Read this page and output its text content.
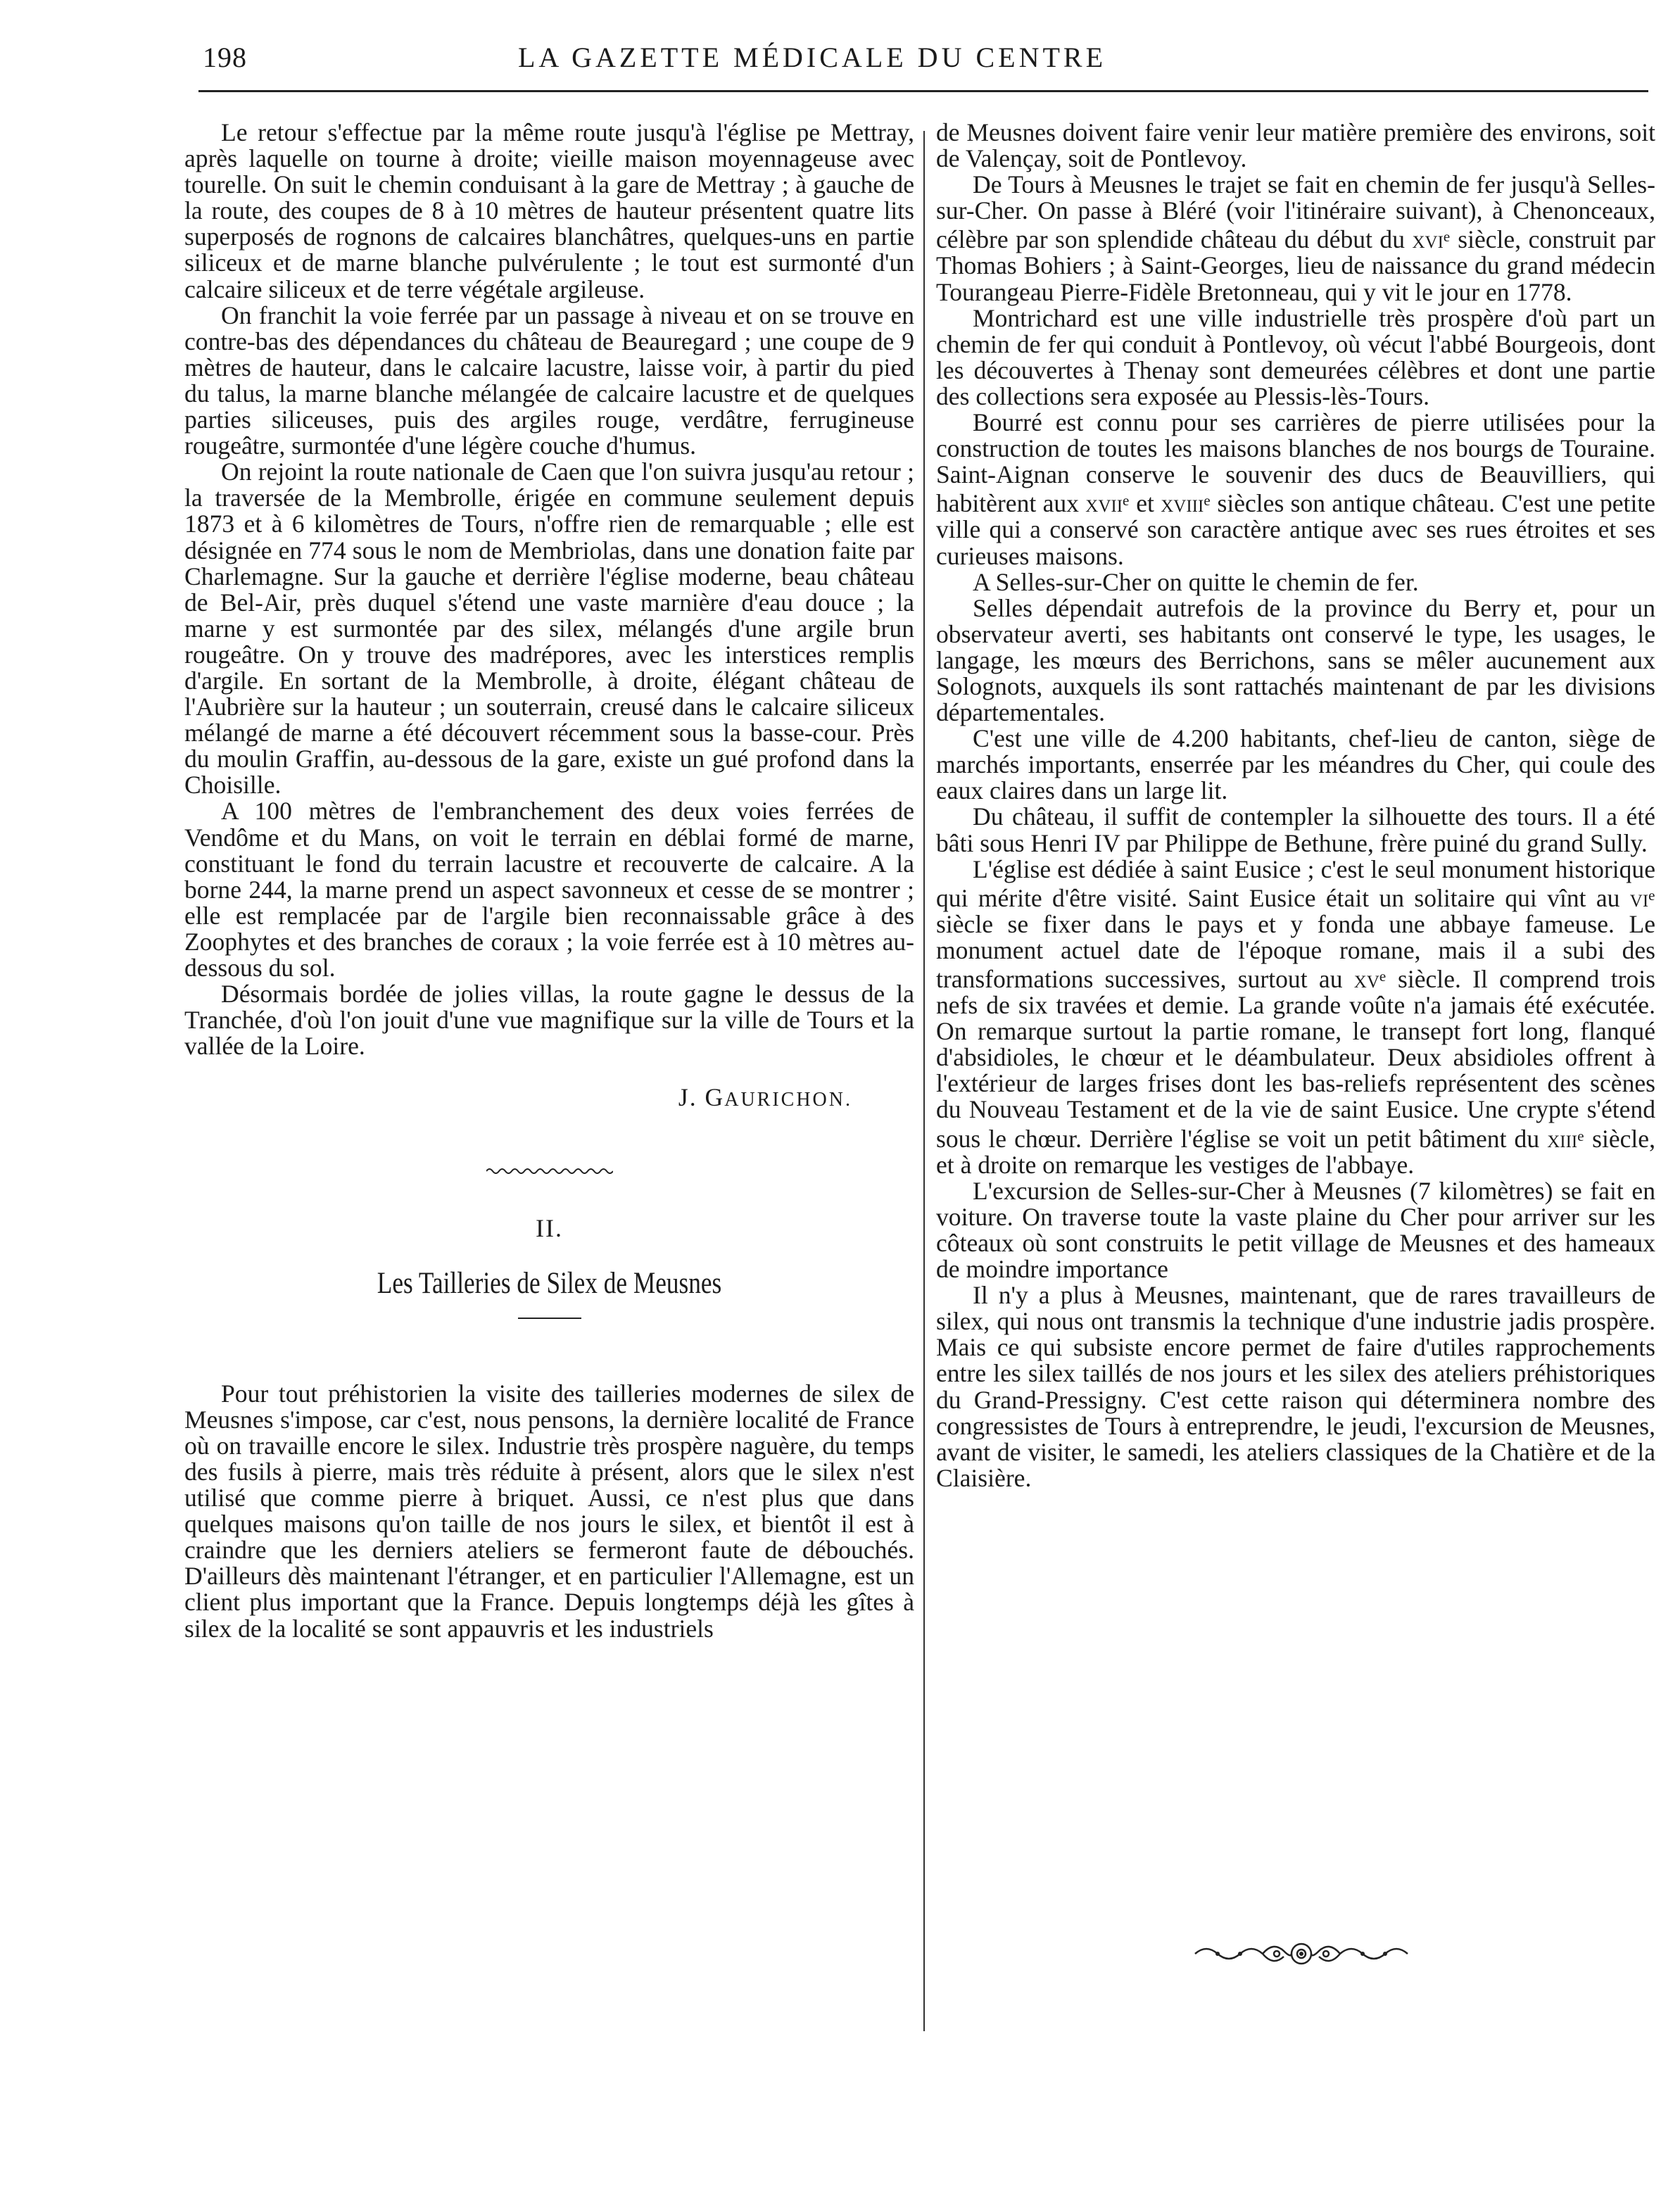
198	LA GAZETTE MÉDICALE DU CENTRE

Le retour s'effectue par la même route jusqu'à l'église pe Mettray, après laquelle on tourne à droite; vieille maison moyennageuse avec tourelle. On suit le chemin conduisant à la gare de Mettray ; à gauche de la route, des coupes de 8 à 10 mètres de hauteur présentent quatre lits superposés de rognons de calcaires blanchâtres, quelques-uns en partie siliceux et de marne blanche pulvérulente ; le tout est surmonté d'un calcaire siliceux et de terre végétale argileuse.

On franchit la voie ferrée par un passage à niveau et on se trouve en contre-bas des dépendances du château de Beauregard ; une coupe de 9 mètres de hauteur, dans le calcaire lacustre, laisse voir, à partir du pied du talus, la marne blanche mélangée de calcaire lacustre et de quelques parties siliceuses, puis des argiles rouge, verdâtre, ferrugineuse rougeâtre, surmontée d'une légère couche d'humus.

On rejoint la route nationale de Caen que l'on suivra jusqu'au retour ; la traversée de la Membrolle, érigée en commune seulement depuis 1873 et à 6 kilomètres de Tours, n'offre rien de remarquable ; elle est désignée en 774 sous le nom de Membriolas, dans une donation faite par Charlemagne. Sur la gauche et derrière l'église moderne, beau château de Bel-Air, près duquel s'étend une vaste marnière d'eau douce ; la marne y est surmontée par des silex, mélangés d'une argile brun rougeâtre. On y trouve des madrépores, avec les interstices remplis d'argile. En sortant de la Membrolle, à droite, élégant château de l'Aubrière sur la hauteur ; un souterrain, creusé dans le calcaire siliceux mélangé de marne a été découvert récemment sous la basse-cour. Près du moulin Graffin, au-dessous de la gare, existe un gué profond dans la Choisille.

A 100 mètres de l'embranchement des deux voies ferrées de Vendôme et du Mans, on voit le terrain en déblai formé de marne, constituant le fond du terrain lacustre et recouverte de calcaire. A la borne 244, la marne prend un aspect savonneux et cesse de se montrer ; elle est remplacée par de l'argile bien reconnaissable grâce à des Zoophytes et des branches de coraux ; la voie ferrée est à 10 mètres au-dessous du sol.

Désormais bordée de jolies villas, la route gagne le dessus de la Tranchée, d'où l'on jouit d'une vue magnifique sur la ville de Tours et la vallée de la Loire.

J. GAURICHON.

II.
Les Tailleries de Silex de Meusnes

Pour tout préhistorien la visite des tailleries modernes de silex de Meusnes s'impose, car c'est, nous pensons, la dernière localité de France où on travaille encore le silex. Industrie très prospère naguère, du temps des fusils à pierre, mais très réduite à présent, alors que le silex n'est utilisé que comme pierre à briquet. Aussi, ce n'est plus que dans quelques maisons qu'on taille de nos jours le silex, et bientôt il est à craindre que les derniers ateliers se fermeront faute de débouchés. D'ailleurs dès maintenant l'étranger, et en particulier l'Allemagne, est un client plus important que la France. Depuis longtemps déjà les gîtes à silex de la localité se sont appauvris et les industriels

de Meusnes doivent faire venir leur matière première des environs, soit de Valençay, soit de Pontlevoy.

De Tours à Meusnes le trajet se fait en chemin de fer jusqu'à Selles-sur-Cher. On passe à Bléré (voir l'itinéraire suivant), à Chenonceaux, célèbre par son splendide château du début du xvi$^e$ siècle, construit par Thomas Bohiers ; à Saint-Georges, lieu de naissance du grand médecin Tourangeau Pierre-Fidèle Bretonneau, qui y vit le jour en 1778.

Montrichard est une ville industrielle très prospère d'où part un chemin de fer qui conduit à Pontlevoy, où vécut l'abbé Bourgeois, dont les découvertes à Thenay sont demeurées célèbres et dont une partie des collections sera exposée au Plessis-lès-Tours.

Bourré est connu pour ses carrières de pierre utilisées pour la construction de toutes les maisons blanches de nos bourgs de Touraine. Saint-Aignan conserve le souvenir des ducs de Beauvilliers, qui habitèrent aux xvii$^e$ et xviii$^e$ siècles son antique château. C'est une petite ville qui a conservé son caractère antique avec ses rues étroites et ses curieuses maisons.

A Selles-sur-Cher on quitte le chemin de fer.

Selles dépendait autrefois de la province du Berry et, pour un observateur averti, ses habitants ont conservé le type, les usages, le langage, les mœurs des Berrichons, sans se mêler aucunement aux Solognots, auxquels ils sont rattachés maintenant de par les divisions départementales.

C'est une ville de 4.200 habitants, chef-lieu de canton, siège de marchés importants, enserrée par les méandres du Cher, qui coule des eaux claires dans un large lit.

Du château, il suffit de contempler la silhouette des tours. Il a été bâti sous Henri IV par Philippe de Bethune, frère puiné du grand Sully.

L'église est dédiée à saint Eusice ; c'est le seul monument historique qui mérite d'être visité. Saint Eusice était un solitaire qui vînt au $vi^e$ siècle se fixer dans le pays et y fonda une abbaye fameuse. Le monument actuel date de l'époque romane, mais il a subi des transformations successives, surtout au $xv^e$ siècle. Il comprend trois nefs de six travées et demie. La grande voûte n'a jamais été exécutée. On remarque surtout la partie romane, le transept fort long, flanqué d'absidioles, le chœur et le déambulateur. Deux absidioles offrent à l'extérieur de larges frises dont les bas-reliefs représentent des scènes du Nouveau Testament et de la vie de saint Eusice. Une crypte s'étend sous le chœur. Derrière l'église se voit un petit bâtiment du xiii$^e$ siècle, et à droite on remarque les vestiges de l'abbaye.

L'excursion de Selles-sur-Cher à Meusnes (7 kilomètres) se fait en voiture. On traverse toute la vaste plaine du Cher pour arriver sur les côteaux où sont construits le petit village de Meusnes et des hameaux de moindre importance

Il n'y a plus à Meusnes, maintenant, que de rares travailleurs de silex, qui nous ont transmis la technique d'une industrie jadis prospère. Mais ce qui subsiste encore permet de faire d'utiles rapprochements entre les silex taillés de nos jours et les silex des ateliers préhistoriques du Grand-Pressigny. C'est cette raison qui déterminera nombre des congressistes de Tours à entreprendre, le jeudi, l'excursion de Meusnes, avant de visiter, le samedi, les ateliers classiques de la Chatière et de la Claisière.
